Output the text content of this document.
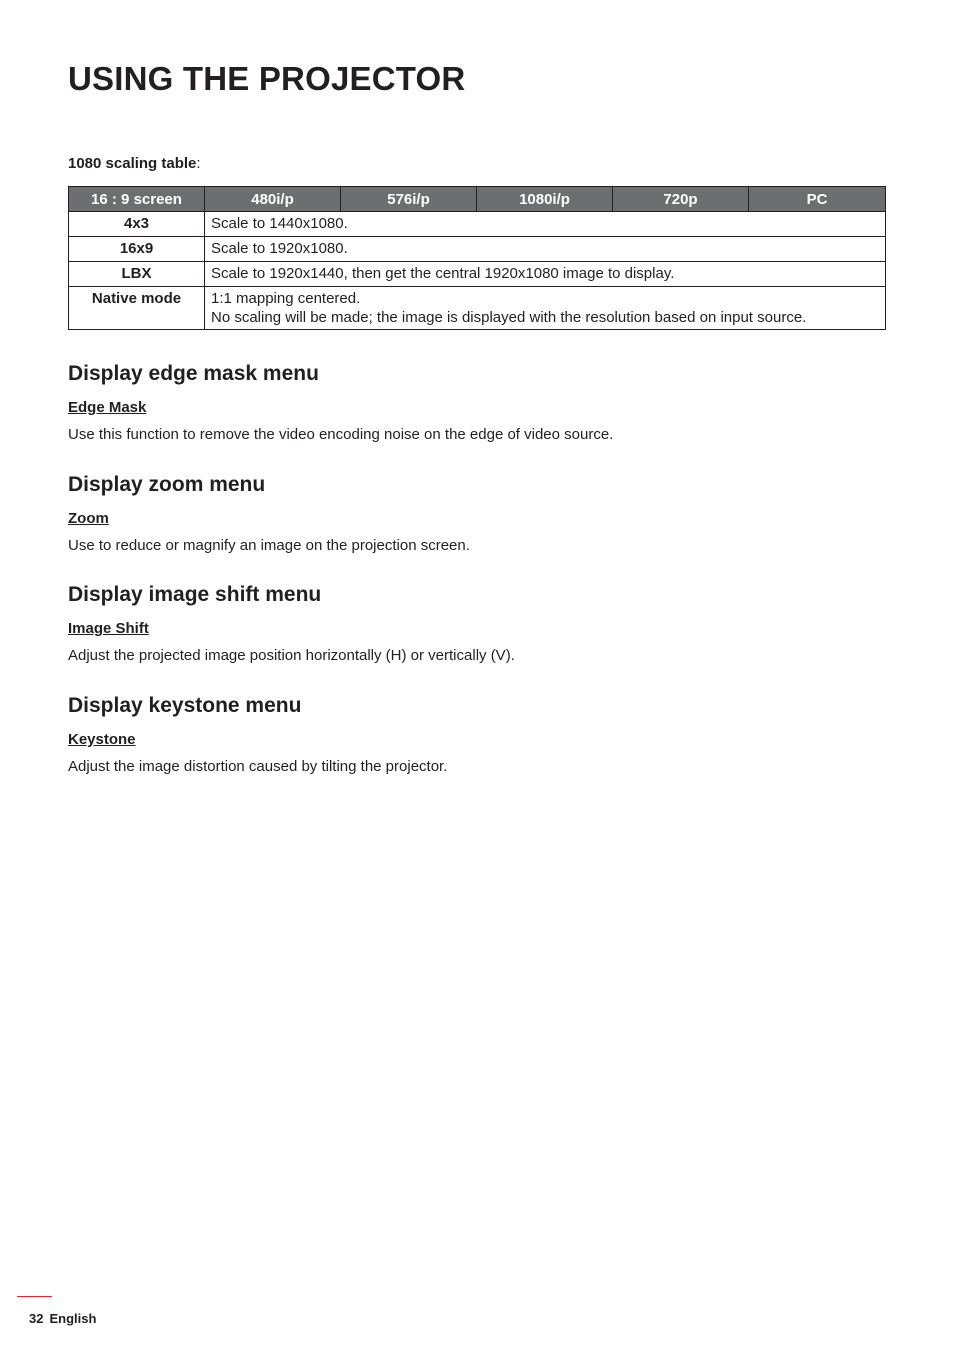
USING THE PROJECTOR
1080 scaling table:
16 : 9 screen	480i/p	576i/p	1080i/p	720p	PC
4x3	Scale to 1440x1080.				

16x9	Scale to 1920x1080.				

LBX	Scale to 1920x1440, then get the central 1920x1080 image to display.				

Native mode	1:1 mapping centered.
No scaling will be made; the image is displayed with the resolution based on input source.				
Display edge mask menu
Edge Mask

Use this function to remove the video encoding noise on the edge of video source.

Display zoom menu
Zoom

Use to reduce or magnify an image on the projection screen.

Display image shift menu
Image Shift

Adjust the projected image position horizontally (H) or vertically (V).

Display keystone menu
Keystone

Adjust the image distortion caused by tilting the projector.

32 English
